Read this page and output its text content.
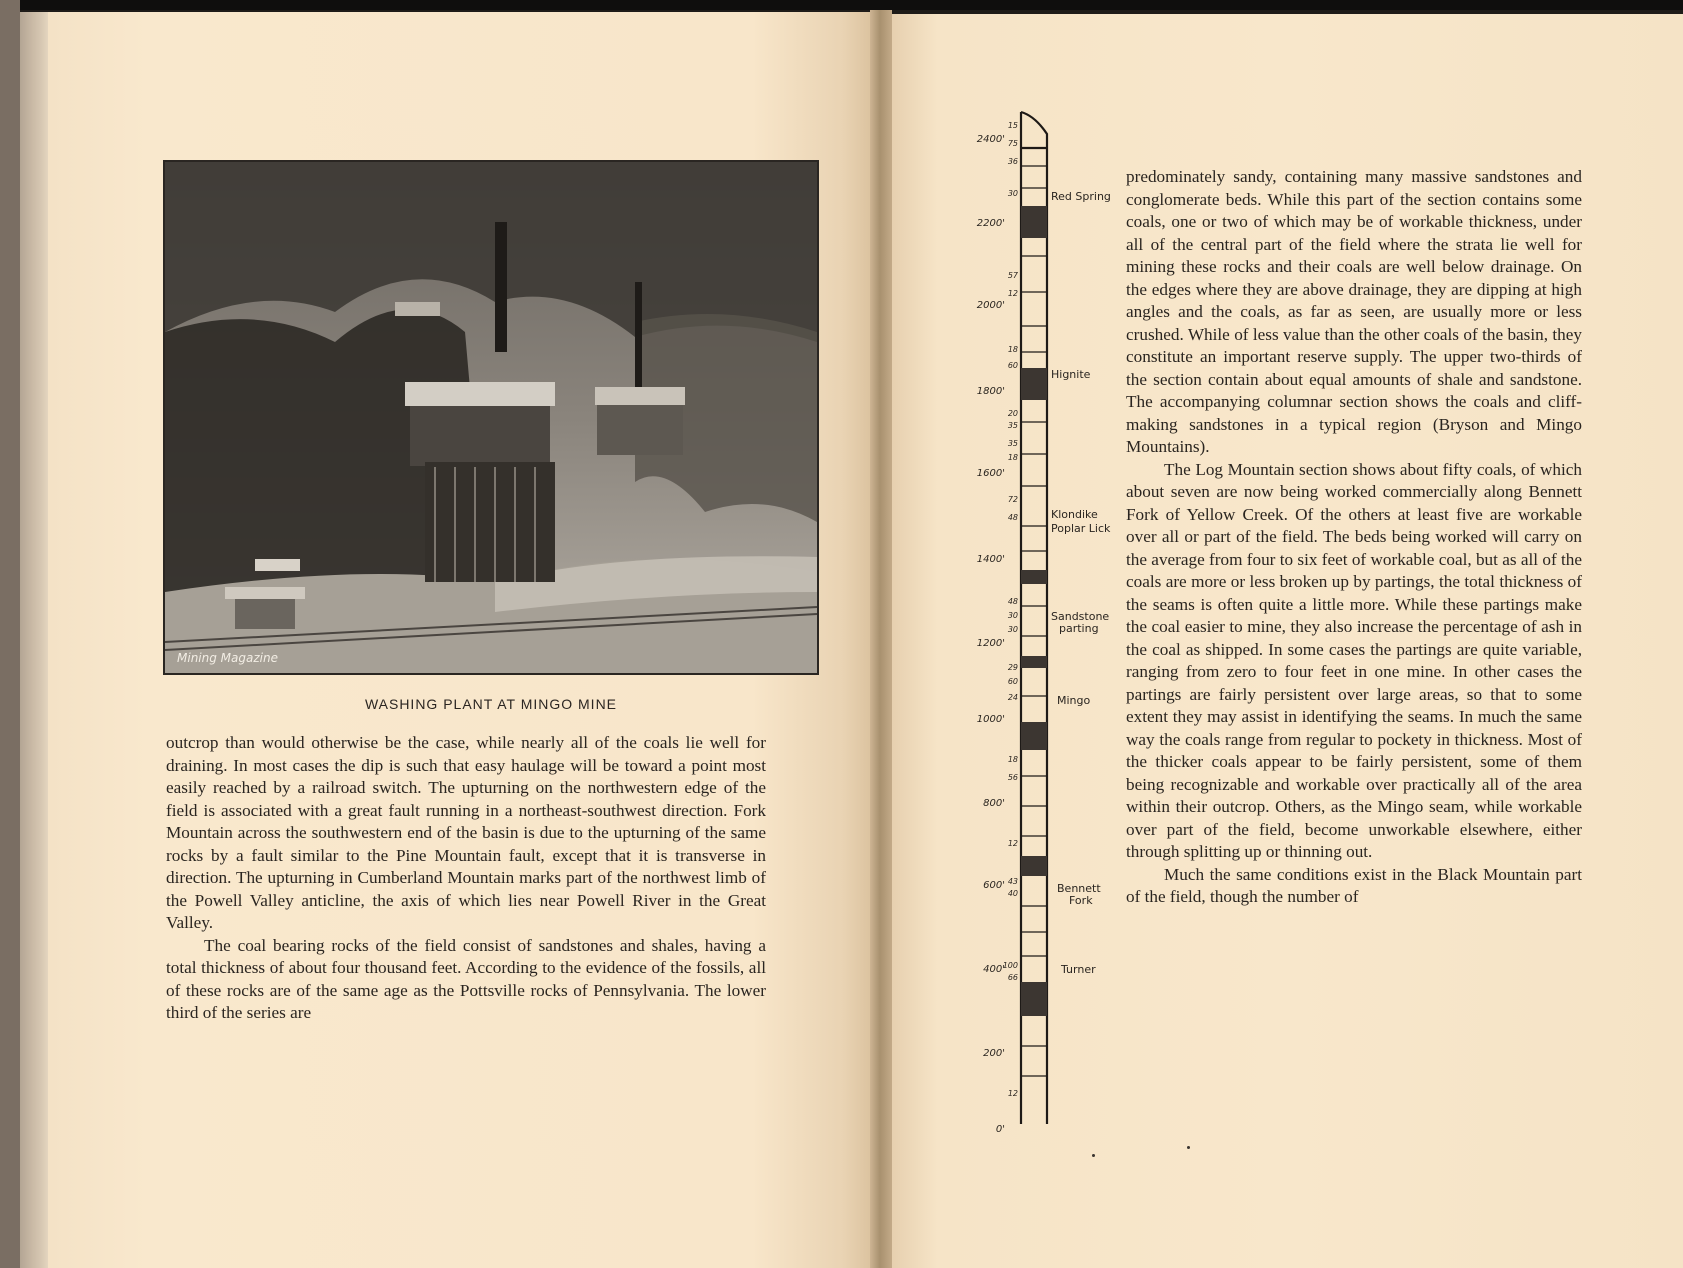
Mining Magazine
WASHING PLANT AT MINGO MINE

outcrop than would otherwise be the case, while nearly all of the coals lie well for draining. In most cases the dip is such that easy haulage will be toward a point most easily reached by a railroad switch. The upturning on the northwestern edge of the field is associated with a great fault running in a northeast-southwest direction. Fork Mountain across the southwestern end of the basin is due to the upturning of the same rocks by a fault similar to the Pine Mountain fault, except that it is transverse in direction. The upturning in Cumberland Mountain marks part of the northwest limb of the Powell Valley anticline, the axis of which lies near Powell River in the Great Valley.

The coal bearing rocks of the field consist of sandstones and shales, having a total thickness of about four thousand feet. According to the evidence of the fossils, all of these rocks are of the same age as the Pottsville rocks of Pennsylvania. The lower third of the series are

2400'
2200'
2000'
1800'
1600'
1400'
1200'
1000'
800'
600'
400'
200'
0'
15
75
36
30
57
12
18
60
20
35
35
18
72
48
48
30
30
29
60
24
18
56
12
43
40
100
66
12
Red Spring
Hignite
Klondike
Poplar Lick
Sandstone
parting
Mingo
Bennett
Fork
Turner

predominately sandy, containing many massive sandstones and conglomerate beds. While this part of the section contains some coals, one or two of which may be of workable thickness, under all of the central part of the field where the strata lie well for mining these rocks and their coals are well below drainage. On the edges where they are above drainage, they are dipping at high angles and the coals, as far as seen, are usually more or less crushed. While of less value than the other coals of the basin, they constitute an important reserve supply. The upper two-thirds of the section contain about equal amounts of shale and sandstone. The accompanying columnar section shows the coals and cliff-making sandstones in a typical region (Bryson and Mingo Mountains).

The Log Mountain section shows about fifty coals, of which about seven are now being worked commercially along Bennett Fork of Yellow Creek. Of the others at least five are workable over all or part of the field. The beds being worked will carry on the average from four to six feet of workable coal, but as all of the coals are more or less broken up by partings, the total thickness of the seams is often quite a little more. While these partings make the coal easier to mine, they also increase the percentage of ash in the coal as shipped. In some cases the partings are quite variable, ranging from zero to four feet in one mine. In other cases the partings are fairly persistent over large areas, so that to some extent they may assist in identifying the seams. In much the same way the coals range from regular to pockety in thickness. Most of the thicker coals appear to be fairly persistent, some of them being recognizable and workable over practically all of the area within their outcrop. Others, as the Mingo seam, while workable over part of the field, become unworkable elsewhere, either through splitting up or thinning out.

Much the same conditions exist in the Black Mountain part of the field, though the number of
